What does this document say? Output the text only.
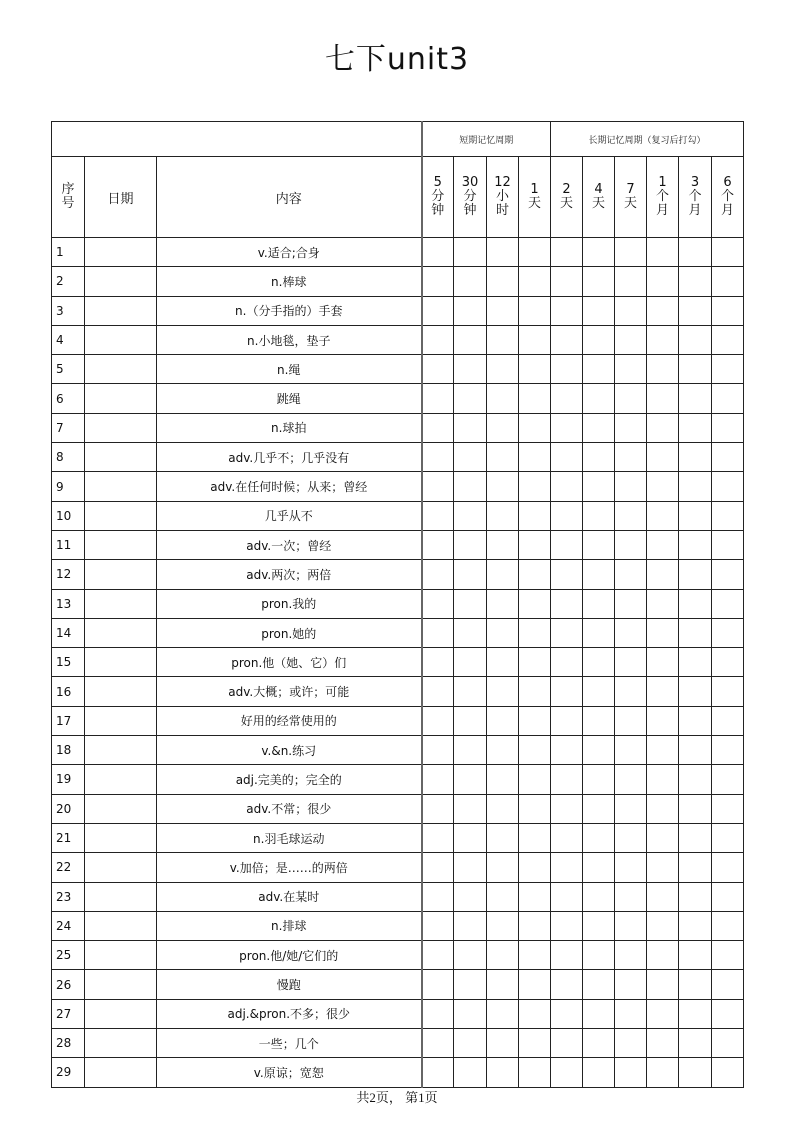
七下unit3
			短期记忆周期				长期记忆周期（复习后打勾）					

序
号	日期	内容	5
分
钟	30
分
钟	12
小
时	1
天	2
天	4
天	7
天	1
个
月	3
个
月	6
个
月

1		v.适合;合身										
2		n.棒球										
3		n.（分手指的）手套										
4		n.小地毯，垫子										
5		n.绳										
6		跳绳										
7		n.球拍										
8		adv.几乎不；几乎没有										
9		adv.在任何时候；从来；曾经										
10		几乎从不										
11		adv.一次；曾经										
12		adv.两次；两倍										
13		pron.我的										
14		pron.她的										
15		pron.他（她、它）们										
16		adv.大概；或许；可能										
17		好用的经常使用的										
18		v.&n.练习										
19		adj.完美的；完全的										
20		adv.不常；很少										
21		n.羽毛球运动										
22		v.加倍；是……的两倍										
23		adv.在某时										
24		n.排球										
25		pron.他/她/它们的										
26		慢跑										
27		adj.&pron.不多；很少										
28		一些；几个										
29		v.原谅；宽恕										
共2页， 第1页
